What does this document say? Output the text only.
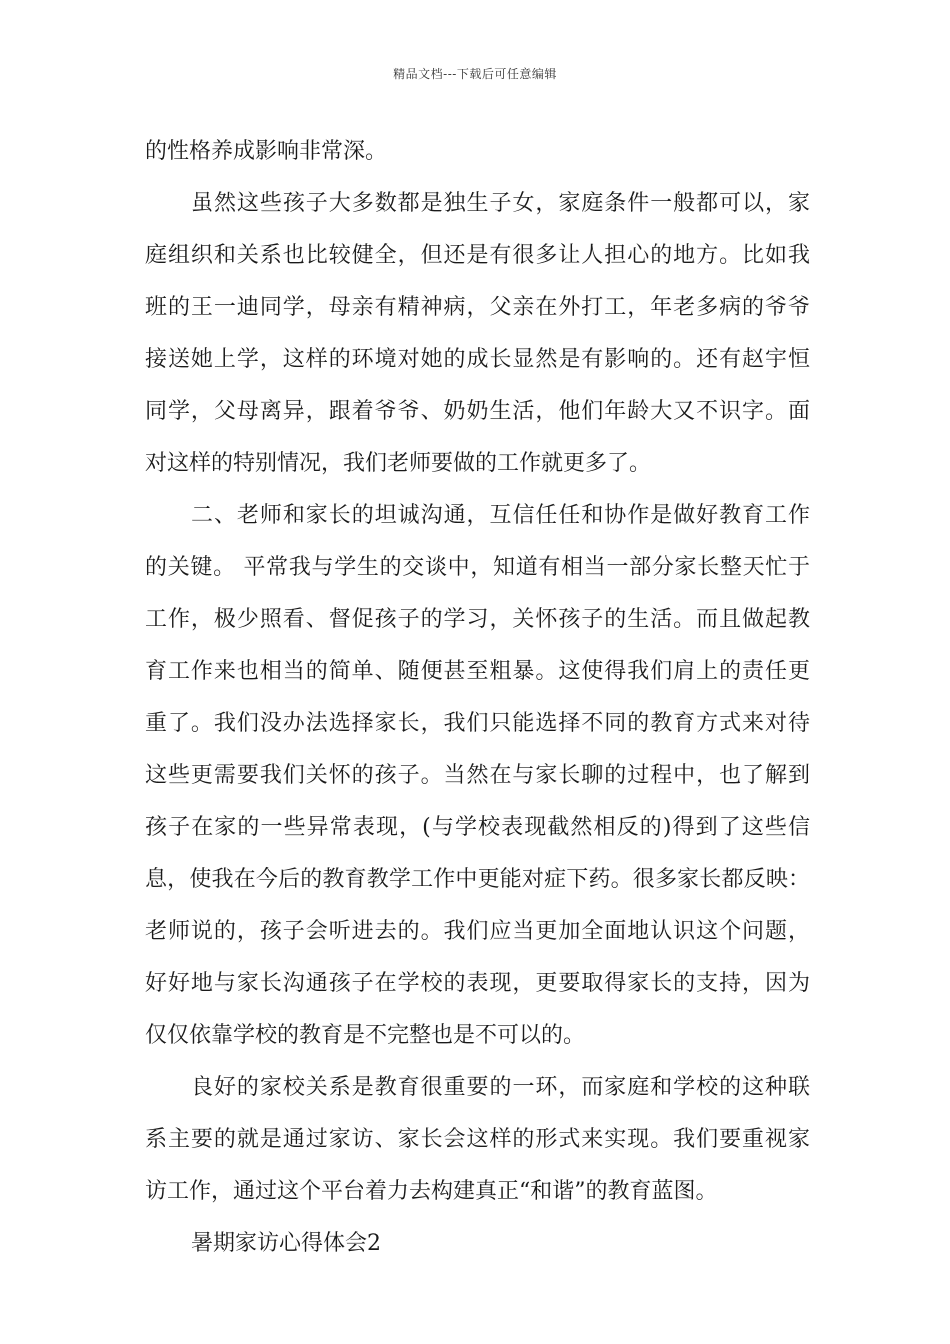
精品文档---下载后可任意编辑
的性格养成影响非常深。
虽然这些孩子大多数都是独生子女，家庭条件一般都可以，家
庭组织和关系也比较健全，但还是有很多让人担心的地方。比如我
班的王一迪同学，母亲有精神病，父亲在外打工，年老多病的爷爷
接送她上学，这样的环境对她的成长显然是有影响的。还有赵宇恒
同学，父母离异，跟着爷爷、奶奶生活，他们年龄大又不识字。面
对这样的特别情况，我们老师要做的工作就更多了。
二、老师和家长的坦诚沟通，互信任任和协作是做好教育工作
的关键。 平常我与学生的交谈中，知道有相当一部分家长整天忙于
工作，极少照看、督促孩子的学习，关怀孩子的生活。而且做起教
育工作来也相当的简单、随便甚至粗暴。这使得我们肩上的责任更
重了。我们没办法选择家长，我们只能选择不同的教育方式来对待
这些更需要我们关怀的孩子。当然在与家长聊的过程中，也了解到
孩子在家的一些异常表现，(与学校表现截然相反的)得到了这些信
息，使我在今后的教育教学工作中更能对症下药。很多家长都反映：
老师说的，孩子会听进去的。我们应当更加全面地认识这个问题，
好好地与家长沟通孩子在学校的表现，更要取得家长的支持，因为
仅仅依靠学校的教育是不完整也是不可以的。
良好的家校关系是教育很重要的一环，而家庭和学校的这种联
系主要的就是通过家访、家长会这样的形式来实现。我们要重视家
访工作，通过这个平台着力去构建真正“和谐”的教育蓝图。
暑期家访心得体会2
